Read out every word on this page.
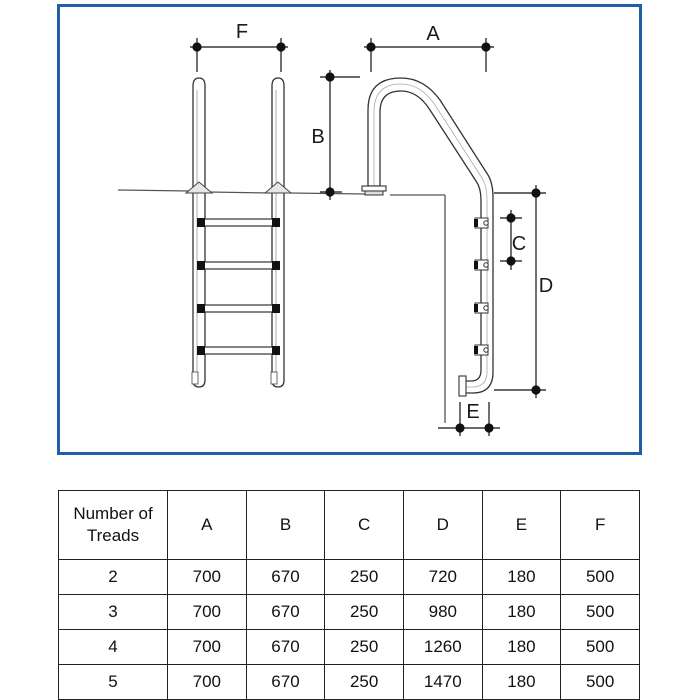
F	A
B
C
D
E
Number of Treads	A	B	C	D	E	F
2	700	670	250	720	180	500
3	700	670	250	980	180	500
4	700	670	250	1260	180	500
5	700	670	250	1470	180	500
